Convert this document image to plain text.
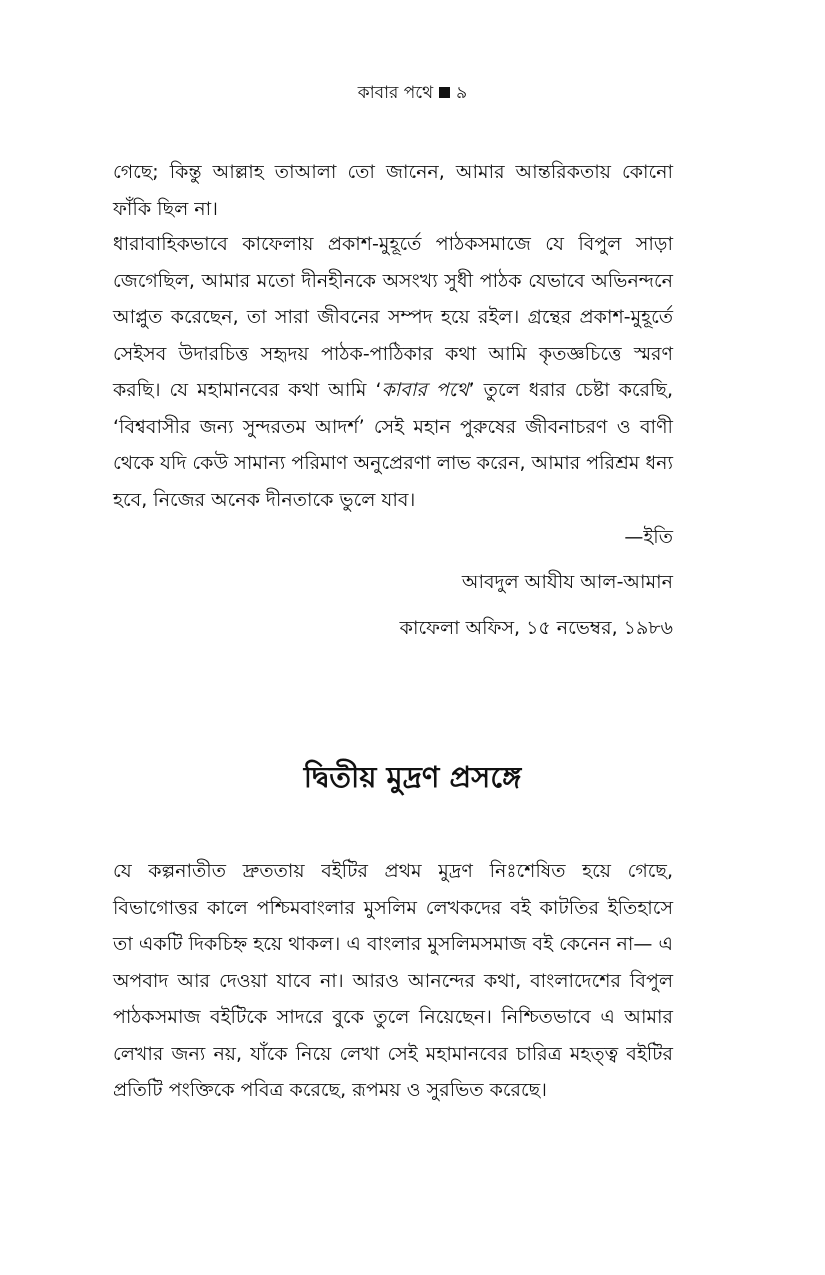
কাবার পথে ৯

গেছে; কিন্তু আল্লাহ তাআলা তো জানেন, আমার আন্তরিকতায় কোনো ফাঁকি ছিল না।

ধারাবাহিকভাবে কাফেলায় প্রকাশ-মুহূর্তে পাঠকসমাজে যে বিপুল সাড়া জেগেছিল, আমার মতো দীনহীনকে অসংখ্য সুধী পাঠক যেভাবে অভিনন্দনে আপ্লুত করেছেন, তা সারা জীবনের সম্পদ হয়ে রইল। গ্রন্থের প্রকাশ-মুহূর্তে সেইসব উদারচিত্ত সহৃদয় পাঠক-পাঠিকার কথা আমি কৃতজ্ঞচিত্তে স্মরণ করছি। যে মহামানবের কথা আমি ‘কাবার পথে’ তুলে ধরার চেষ্টা করেছি, ‘বিশ্ববাসীর জন্য সুন্দরতম আদর্শ’ সেই মহান পুরুষের জীবনাচরণ ও বাণী থেকে যদি কেউ সামান্য পরিমাণ অনুপ্রেরণা লাভ করেন, আমার পরিশ্রম ধন্য হবে, নিজের অনেক দীনতাকে ভুলে যাব।

—ইতি
আবদুল আযীয আল-আমান
কাফেলা অফিস, ১৫ নভেম্বর, ১৯৮৬
দ্বিতীয় মুদ্রণ প্রসঙ্গে

যে কল্পনাতীত দ্রুততায় বইটির প্রথম মুদ্রণ নিঃশেষিত হয়ে গেছে, বিভাগোত্তর কালে পশ্চিমবাংলার মুসলিম লেখকদের বই কাটতির ইতিহাসে তা একটি দিকচিহ্ন হয়ে থাকল। এ বাংলার মুসলিমসমাজ বই কেনেন না— এ অপবাদ আর দেওয়া যাবে না। আরও আনন্দের কথা, বাংলাদেশের বিপুল পাঠকসমাজ বইটিকে সাদরে বুকে তুলে নিয়েছেন। নিশ্চিতভাবে এ আমার লেখার জন্য নয়, যাঁকে নিয়ে লেখা সেই মহামানবের চারিত্র মহত্ত্ব বইটির প্রতিটি পংক্তিকে পবিত্র করেছে, রূপময় ও সুরভিত করেছে।
